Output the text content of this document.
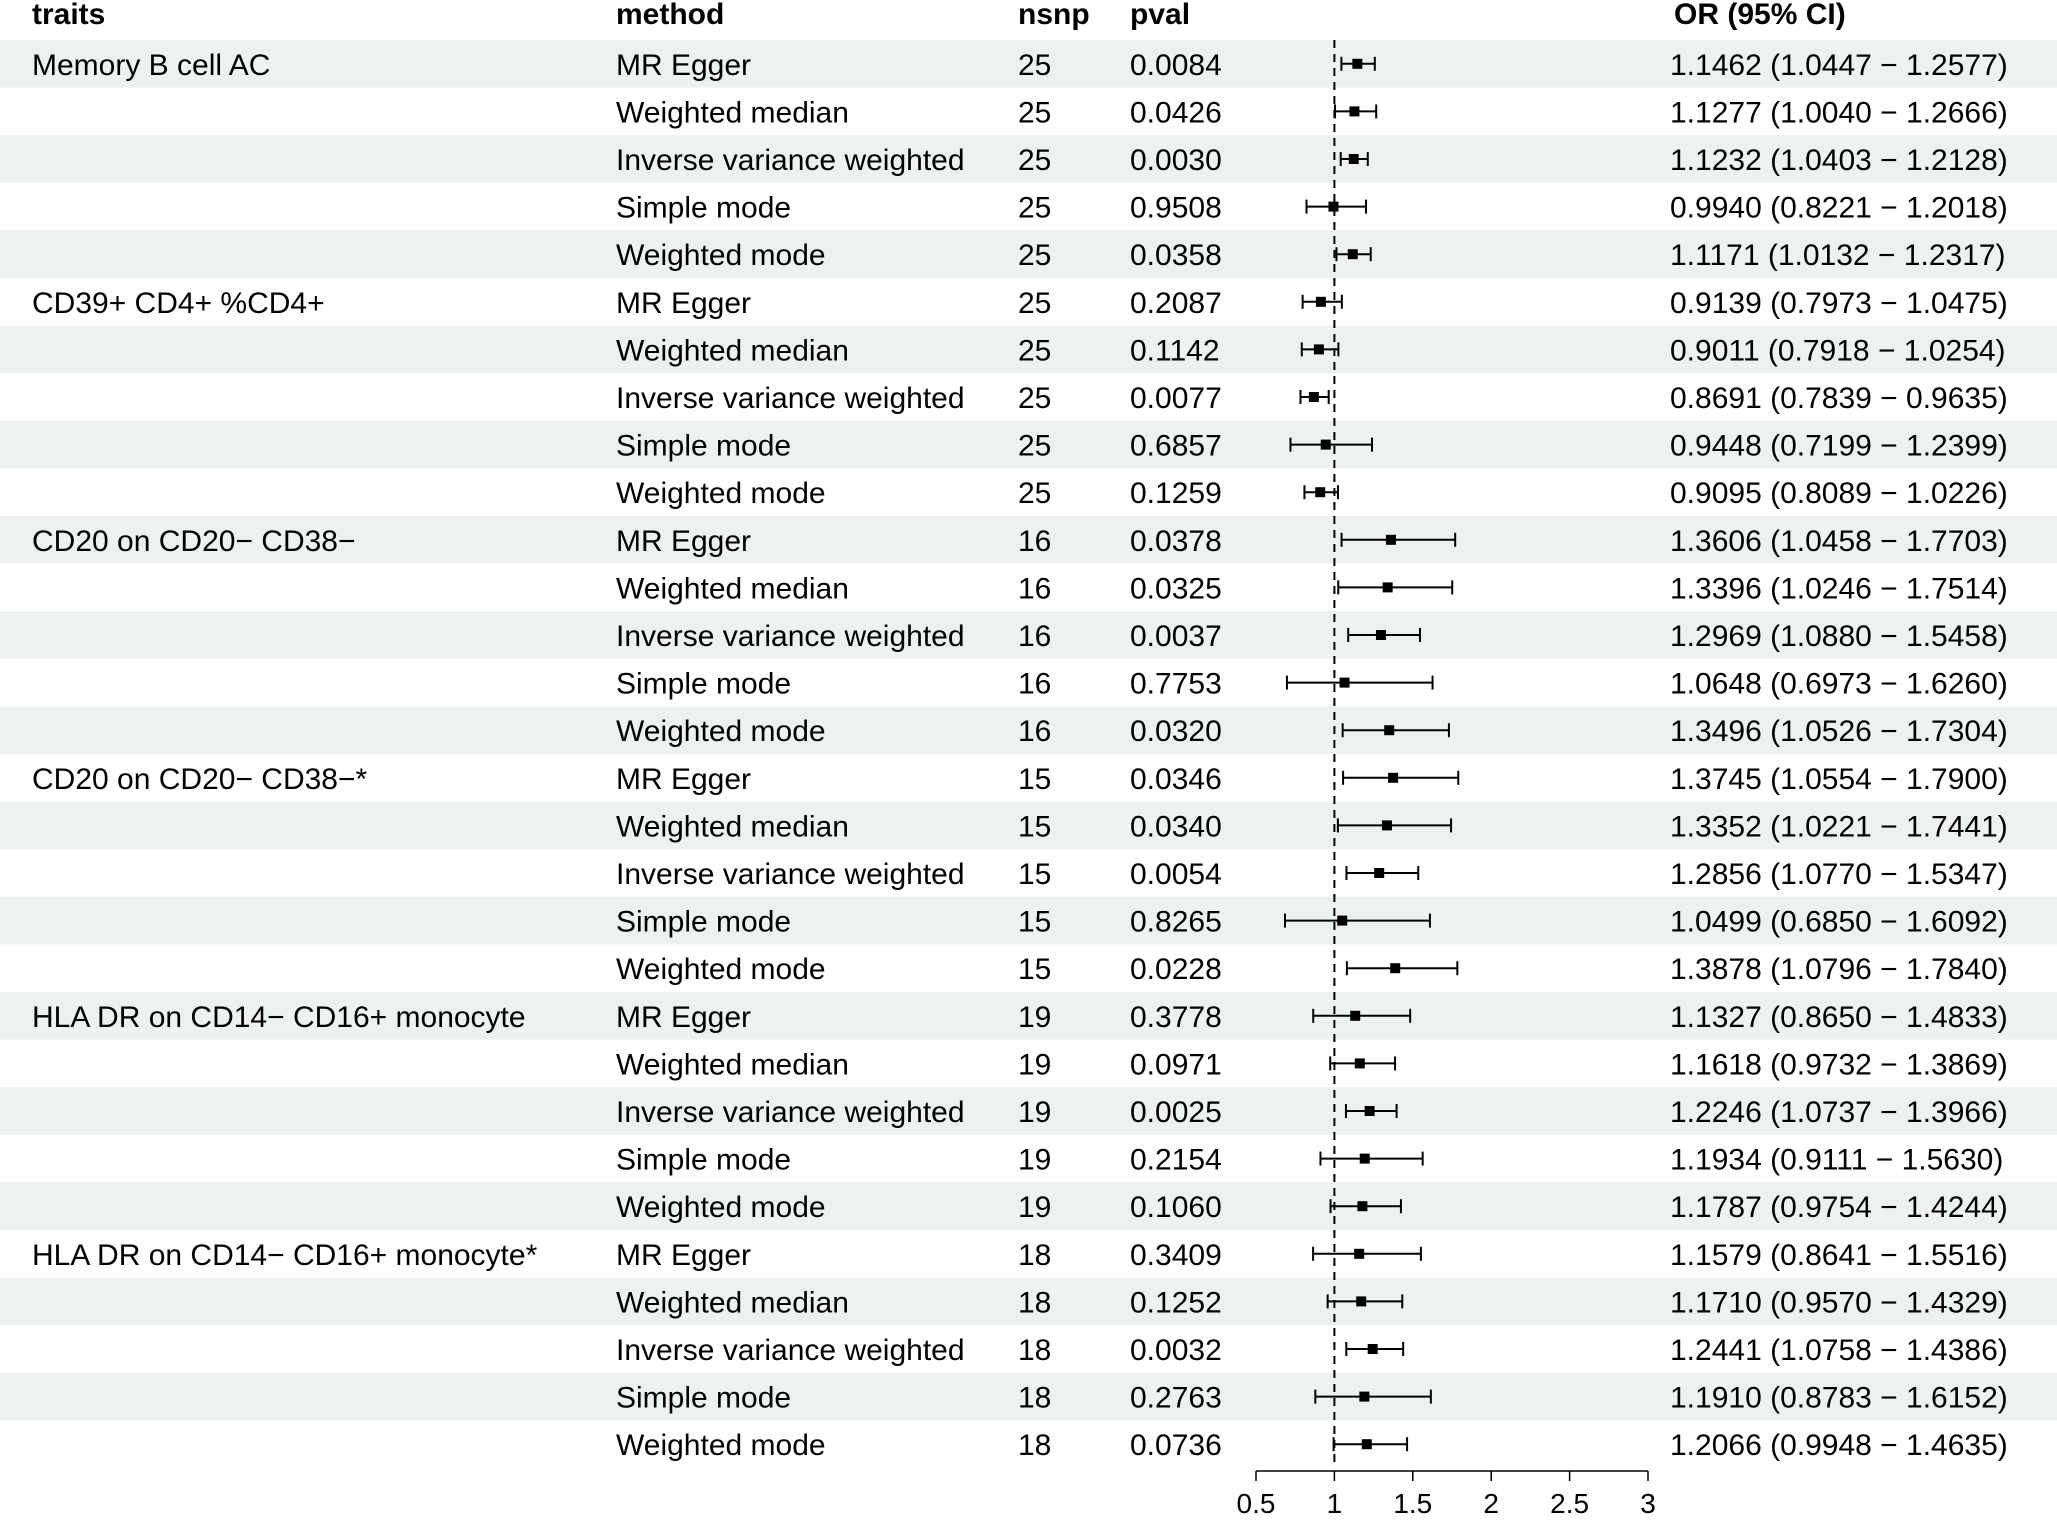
traits	method	nsnp pval	OR (95% CI)
Memory B cell AC	MR Egger	25	0.0084	1.1462 (1.0447 − 1.2577)
Weighted median	25	0.0426	1.1277 (1.0040 − 1.2666)
Inverse variance weighted 25	0.0030	1.1232 (1.0403 − 1.2128)
Simple mode	25	0.9508	0.9940 (0.8221 − 1.2018)
Weighted mode	25	0.0358	1.1171 (1.0132 − 1.2317)
CD39+ CD4+ %CD4+	MR Egger	25	0.2087	0.9139 (0.7973 − 1.0475)
Weighted median	25	0.1142	0.9011 (0.7918 − 1.0254)
Inverse variance weighted 25	0.0077	0.8691 (0.7839 − 0.9635)
Simple mode	25	0.6857	0.9448 (0.7199 − 1.2399)
Weighted mode	25	0.1259	0.9095 (0.8089 − 1.0226)
CD20 on CD20− CD38−	MR Egger	16	0.0378	1.3606 (1.0458 − 1.7703)
Weighted median	16	0.0325	1.3396 (1.0246 − 1.7514)
Inverse variance weighted 16	0.0037	1.2969 (1.0880 − 1.5458)
Simple mode	16	0.7753	1.0648 (0.6973 − 1.6260)
Weighted mode	16	0.0320	1.3496 (1.0526 − 1.7304)
CD20 on CD20− CD38−*	MR Egger	15	0.0346	1.3745 (1.0554 − 1.7900)
Weighted median	15	0.0340	1.3352 (1.0221 − 1.7441)
Inverse variance weighted 15	0.0054	1.2856 (1.0770 − 1.5347)
Simple mode	15	0.8265	1.0499 (0.6850 − 1.6092)
Weighted mode	15	0.0228	1.3878 (1.0796 − 1.7840)
HLA DR on CD14− CD16+ monocyte	MR Egger	19	0.3778	1.1327 (0.8650 − 1.4833)
Weighted median	19	0.0971	1.1618 (0.9732 − 1.3869)
Inverse variance weighted 19	0.0025	1.2246 (1.0737 − 1.3966)
Simple mode	19	0.2154	1.1934 (0.9111 − 1.5630)
Weighted mode	19	0.1060	1.1787 (0.9754 − 1.4244)
HLA DR on CD14− CD16+ monocyte*	MR Egger	18	0.3409	1.1579 (0.8641 − 1.5516)
Weighted median	18	0.1252	1.1710 (0.9570 − 1.4329)
Inverse variance weighted 18	0.0032	1.2441 (1.0758 − 1.4386)
Simple mode	18	0.2763	1.1910 (0.8783 − 1.6152)
Weighted mode	18	0.0736	1.2066 (0.9948 − 1.4635)
0.5 1 1.5 2 2.5 3
